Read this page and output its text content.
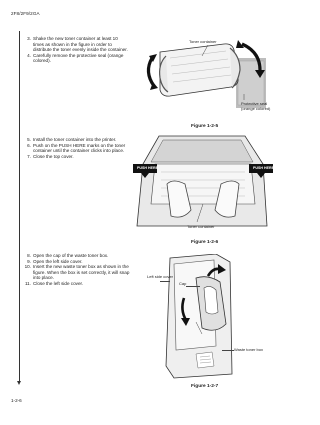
2F8/2F9/2GA
3. Shake the new toner container at least 10 times as shown in the figure in order to distribute the toner evenly inside the container.
4. Carefully remove the protective seal (orange colored).
Toner container
Protective seal
(orange colored)
Figure 1-2-5
5. Install the toner container into the printer.
6. Push on the PUSH HERE marks on the toner container until the container clicks into place.
7. Close the top cover.
PUSH HERE	PUSH HERE
Toner container
Figure 1-2-6
8. Open the cap of the waste toner box.
9. Open the left side cover.
10. Insert the new waste toner box as shown in the figure. When the box is set correctly, it will snap into place.
11. Close the left side cover.
Left side cover
Cap
Waste toner box
Figure 1-2-7
1-2-6
